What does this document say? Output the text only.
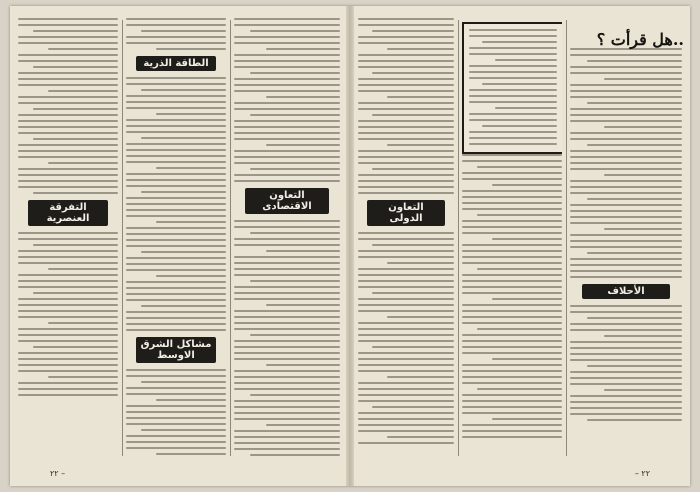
التفرقة العنصرية
الطاقة الذرية
مشاكل الشرق الاوسط
التعاون الاقتصادى
٢٢ –
التعاون الدولى
الأحلاف
..هل قرأت ؟
– ٢٢
